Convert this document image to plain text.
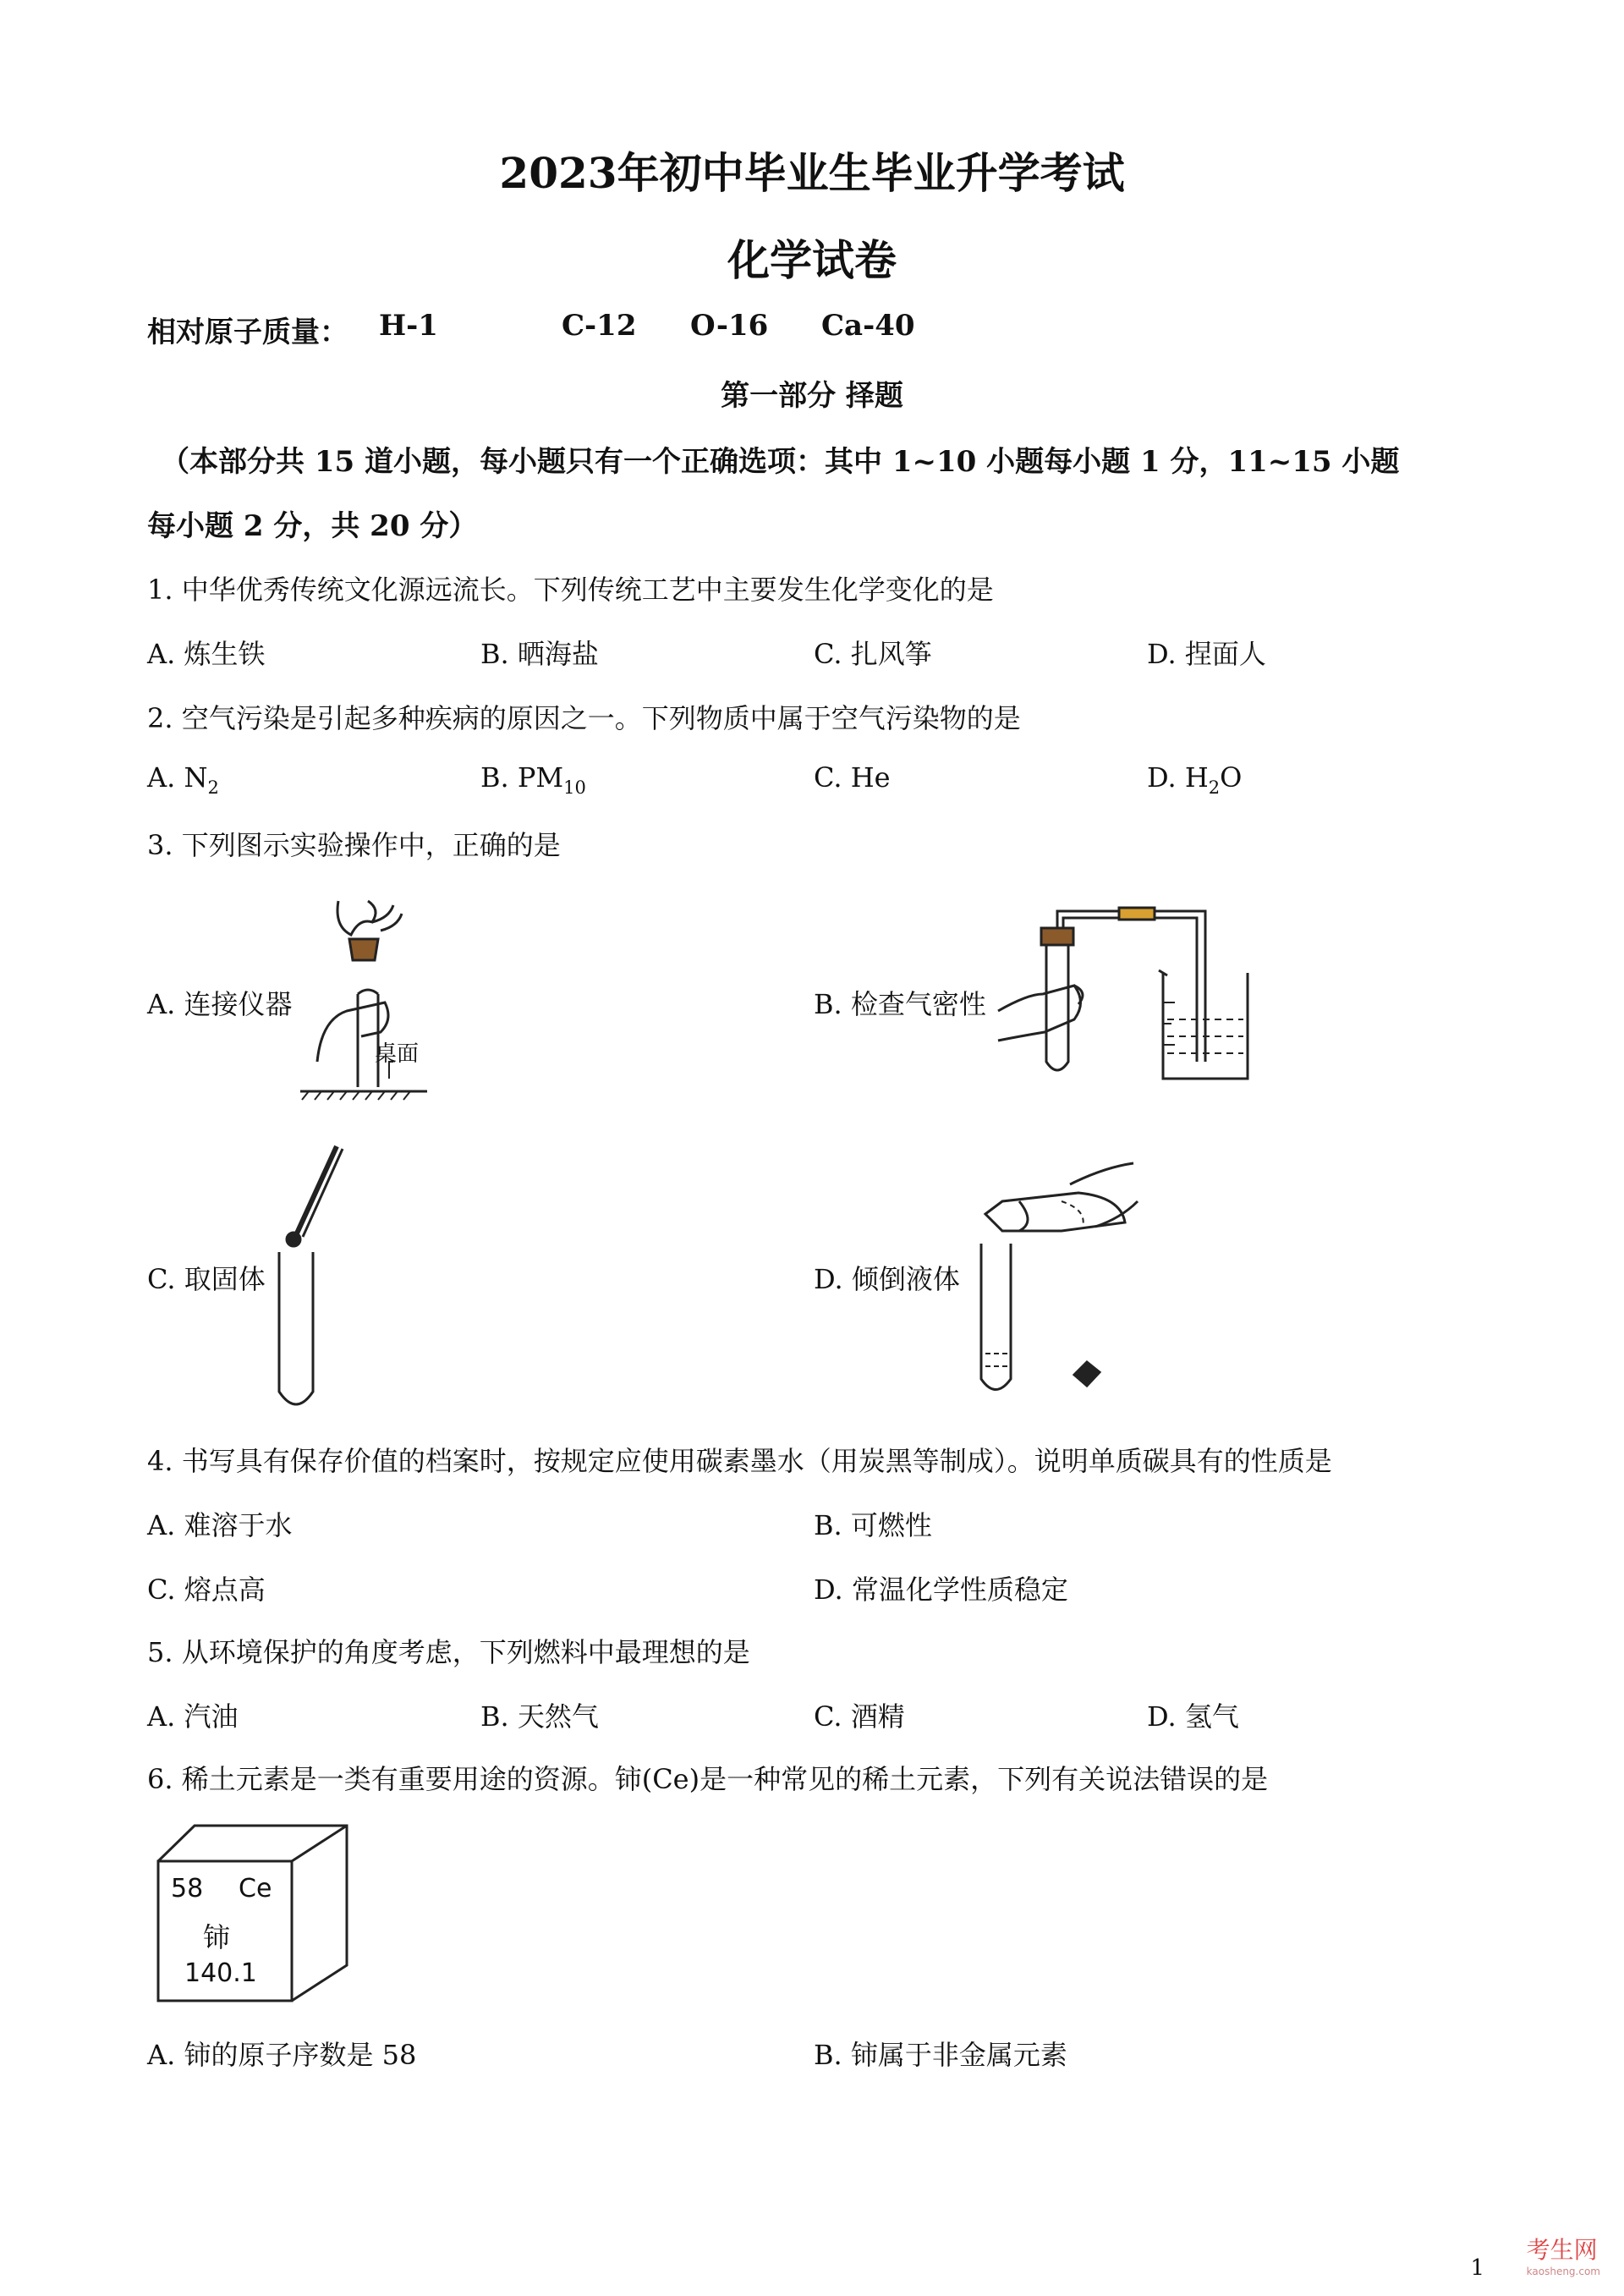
2023年初中毕业生毕业升学考试
化学试卷
相对原子质量： H-1	C-12 O-16 Ca-40
第一部分 择题
（本部分共 15 道小题，每小题只有一个正确选项：其中 1~10 小题每小题 1 分，11~15 小题
每小题 2 分，共 20 分）
1. 中华优秀传统文化源远流长。下列传统工艺中主要发生化学变化的是
A. 炼生铁	B. 晒海盐	C. 扎风筝	D. 捏面人
2. 空气污染是引起多种疾病的原因之一。下列物质中属于空气污染物的是
A. $N_2$	B. $PM_{10}$	C. He	D. $H_2O$
3. 下列图示实验操作中，正确的是
A. 连接仪器
桌面
B. 检查气密性
C. 取固体	D. 倾倒液体
4. 书写具有保存价值的档案时，按规定应使用碳素墨水（用炭黑等制成）。说明单质碳具有的性质是
A. 难溶于水	B. 可燃性
C. 熔点高	D. 常温化学性质稳定
5. 从环境保护的角度考虑，下列燃料中最理想的是
A. 汽油	B. 天然气	C. 酒精	D. 氢气
6. 稀土元素是一类有重要用途的资源。铈(Ce)是一种常见的稀土元素，下列有关说法错误的是
58 Ce
铈
140.1
A. 铈的原子序数是 58	B. 铈属于非金属元素
1
考生网
kaosheng.com
